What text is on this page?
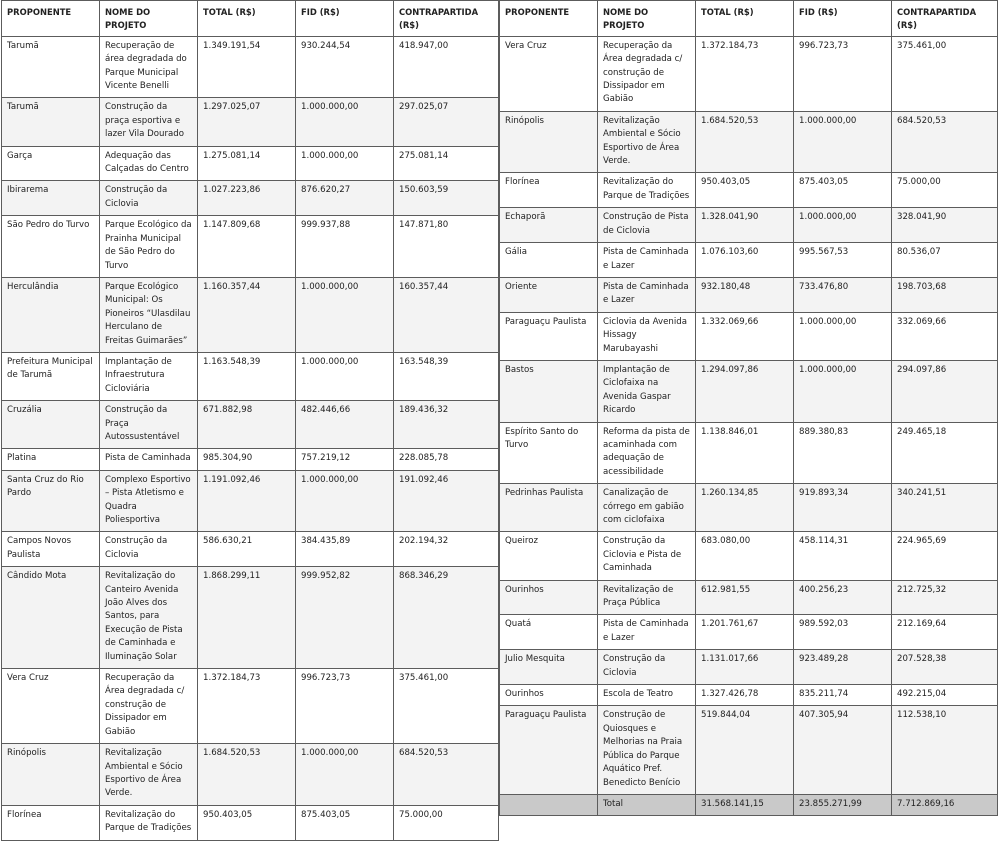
PROPONENTE	NOME DO PROJETO	TOTAL (R$)	FID (R$)	CONTRAPARTIDA (R$)
Tarumã	Recuperação de área degradada do Parque Municipal Vicente Benelli	1.349.191,54	930.244,54	418.947,00
Tarumã	Construção da praça esportiva e lazer Vila Dourado	1.297.025,07	1.000.000,00	297.025,07
Garça	Adequação das Calçadas do Centro	1.275.081,14	1.000.000,00	275.081,14
Ibirarema	Construção da Ciclovia	1.027.223,86	876.620,27	150.603,59
São Pedro do Turvo	Parque Ecológico da Prainha Municipal de São Pedro do Turvo	1.147.809,68	999.937,88	147.871,80
Herculândia	Parque Ecológico Municipal: Os Pioneiros “Ulasdilau Herculano de Freitas Guimarães”	1.160.357,44	1.000.000,00	160.357,44
Prefeitura Municipal de Tarumã	Implantação de Infraestrutura Cicloviária	1.163.548,39	1.000.000,00	163.548,39
Cruzália	Construção da Praça Autossustentável	671.882,98	482.446,66	189.436,32
Platina	Pista de Caminhada	985.304,90	757.219,12	228.085,78
Santa Cruz do Rio Pardo	Complexo Esportivo – Pista Atletismo e Quadra Poliesportiva	1.191.092,46	1.000.000,00	191.092,46
Campos Novos Paulista	Construção da Ciclovia	586.630,21	384.435,89	202.194,32
Cândido Mota	Revitalização do Canteiro Avenida João Alves dos Santos, para Execução de Pista de Caminhada e Iluminação Solar	1.868.299,11	999.952,82	868.346,29
Vera Cruz	Recuperação da Área degradada c/ construção de Dissipador em Gabião	1.372.184,73	996.723,73	375.461,00
Rinópolis	Revitalização Ambiental e Sócio Esportivo de Área Verde.	1.684.520,53	1.000.000,00	684.520,53
Florínea	Revitalização do Parque de Tradições	950.403,05	875.403,05	75.000,00
PROPONENTE	NOME DO PROJETO	TOTAL (R$)	FID (R$)	CONTRAPARTIDA (R$)
Vera Cruz	Recuperação da Área degradada c/ construção de Dissipador em Gabião	1.372.184,73	996.723,73	375.461,00
Rinópolis	Revitalização Ambiental e Sócio Esportivo de Área Verde.	1.684.520,53	1.000.000,00	684.520,53
Florínea	Revitalização do Parque de Tradições	950.403,05	875.403,05	75.000,00
Echaporã	Construção de Pista de Ciclovia	1.328.041,90	1.000.000,00	328.041,90
Gália	Pista de Caminhada e Lazer	1.076.103,60	995.567,53	80.536,07
Oriente	Pista de Caminhada e Lazer	932.180,48	733.476,80	198.703,68
Paraguaçu Paulista	Ciclovia da Avenida Hissagy Marubayashi	1.332.069,66	1.000.000,00	332.069,66
Bastos	Implantação de Ciclofaixa na Avenida Gaspar Ricardo	1.294.097,86	1.000.000,00	294.097,86
Espírito Santo do Turvo	Reforma da pista de acaminhada com adequação de acessibilidade	1.138.846,01	889.380,83	249.465,18
Pedrinhas Paulista	Canalização de córrego em gabião com ciclofaixa	1.260.134,85	919.893,34	340.241,51
Queiroz	Construção da Ciclovia e Pista de Caminhada	683.080,00	458.114,31	224.965,69
Ourinhos	Revitalização de Praça Pública	612.981,55	400.256,23	212.725,32
Quatá	Pista de Caminhada e Lazer	1.201.761,67	989.592,03	212.169,64
Julio Mesquita	Construção da Ciclovia	1.131.017,66	923.489,28	207.528,38
Ourinhos	Escola de Teatro	1.327.426,78	835.211,74	492.215,04
Paraguaçu Paulista	Construção de Quiosques e Melhorias na Praia Pública do Parque Aquático Pref. Benedicto Benício	519.844,04	407.305,94	112.538,10
	Total	31.568.141,15	23.855.271,99	7.712.869,16
